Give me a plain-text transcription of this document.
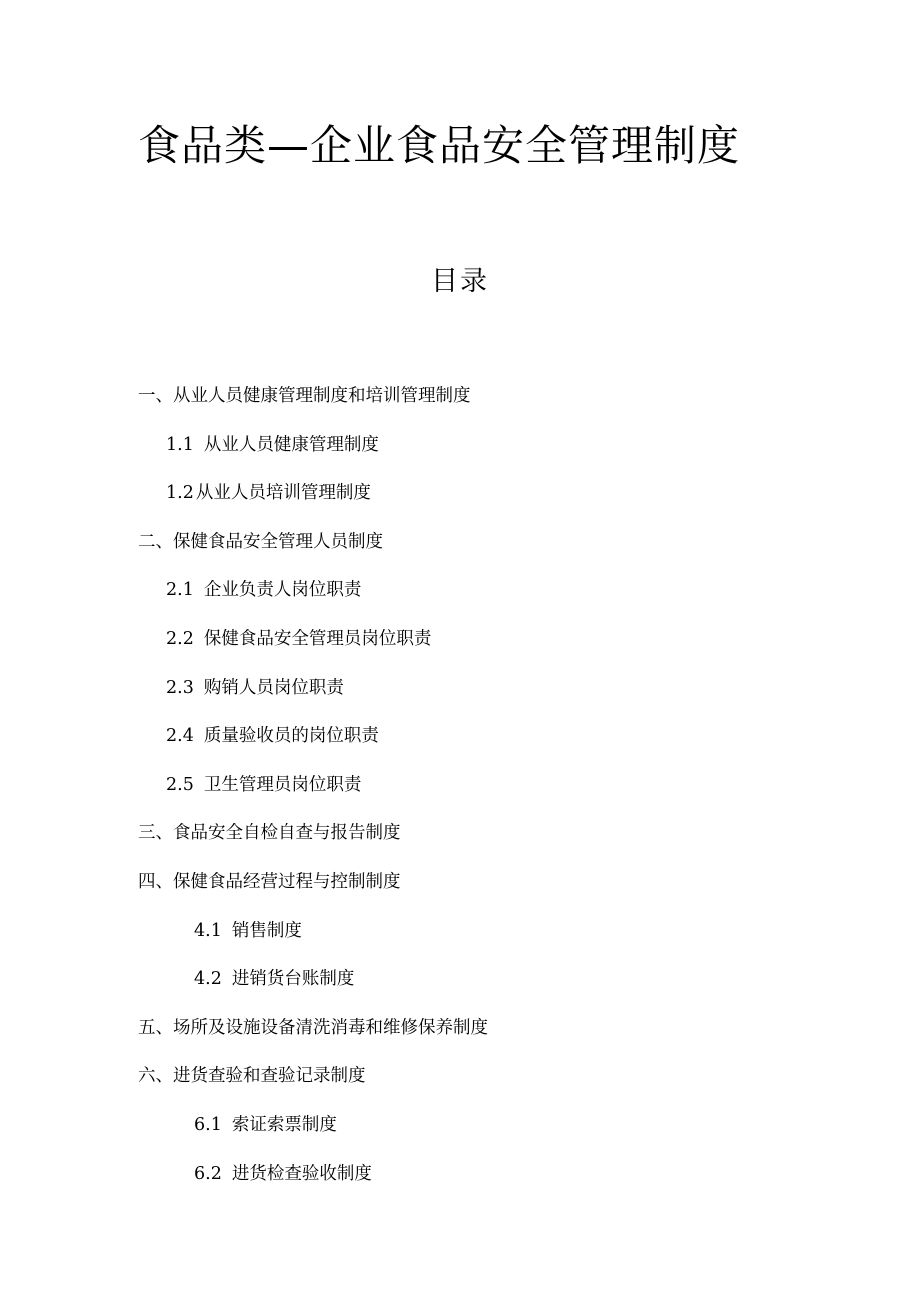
食品类—企业食品安全管理制度
目录
一、从业人员健康管理制度和培训管理制度
1.1 从业人员健康管理制度
1.2 从业人员培训管理制度
二、保健食品安全管理人员制度
2.1 企业负责人岗位职责
2.2 保健食品安全管理员岗位职责
2.3 购销人员岗位职责
2.4 质量验收员的岗位职责
2.5 卫生管理员岗位职责
三、食品安全自检自查与报告制度
四、保健食品经营过程与控制制度
4.1 销售制度
4.2 进销货台账制度
五、场所及设施设备清洗消毒和维修保养制度
六、进货查验和查验记录制度
6.1 索证索票制度
6.2 进货检查验收制度
